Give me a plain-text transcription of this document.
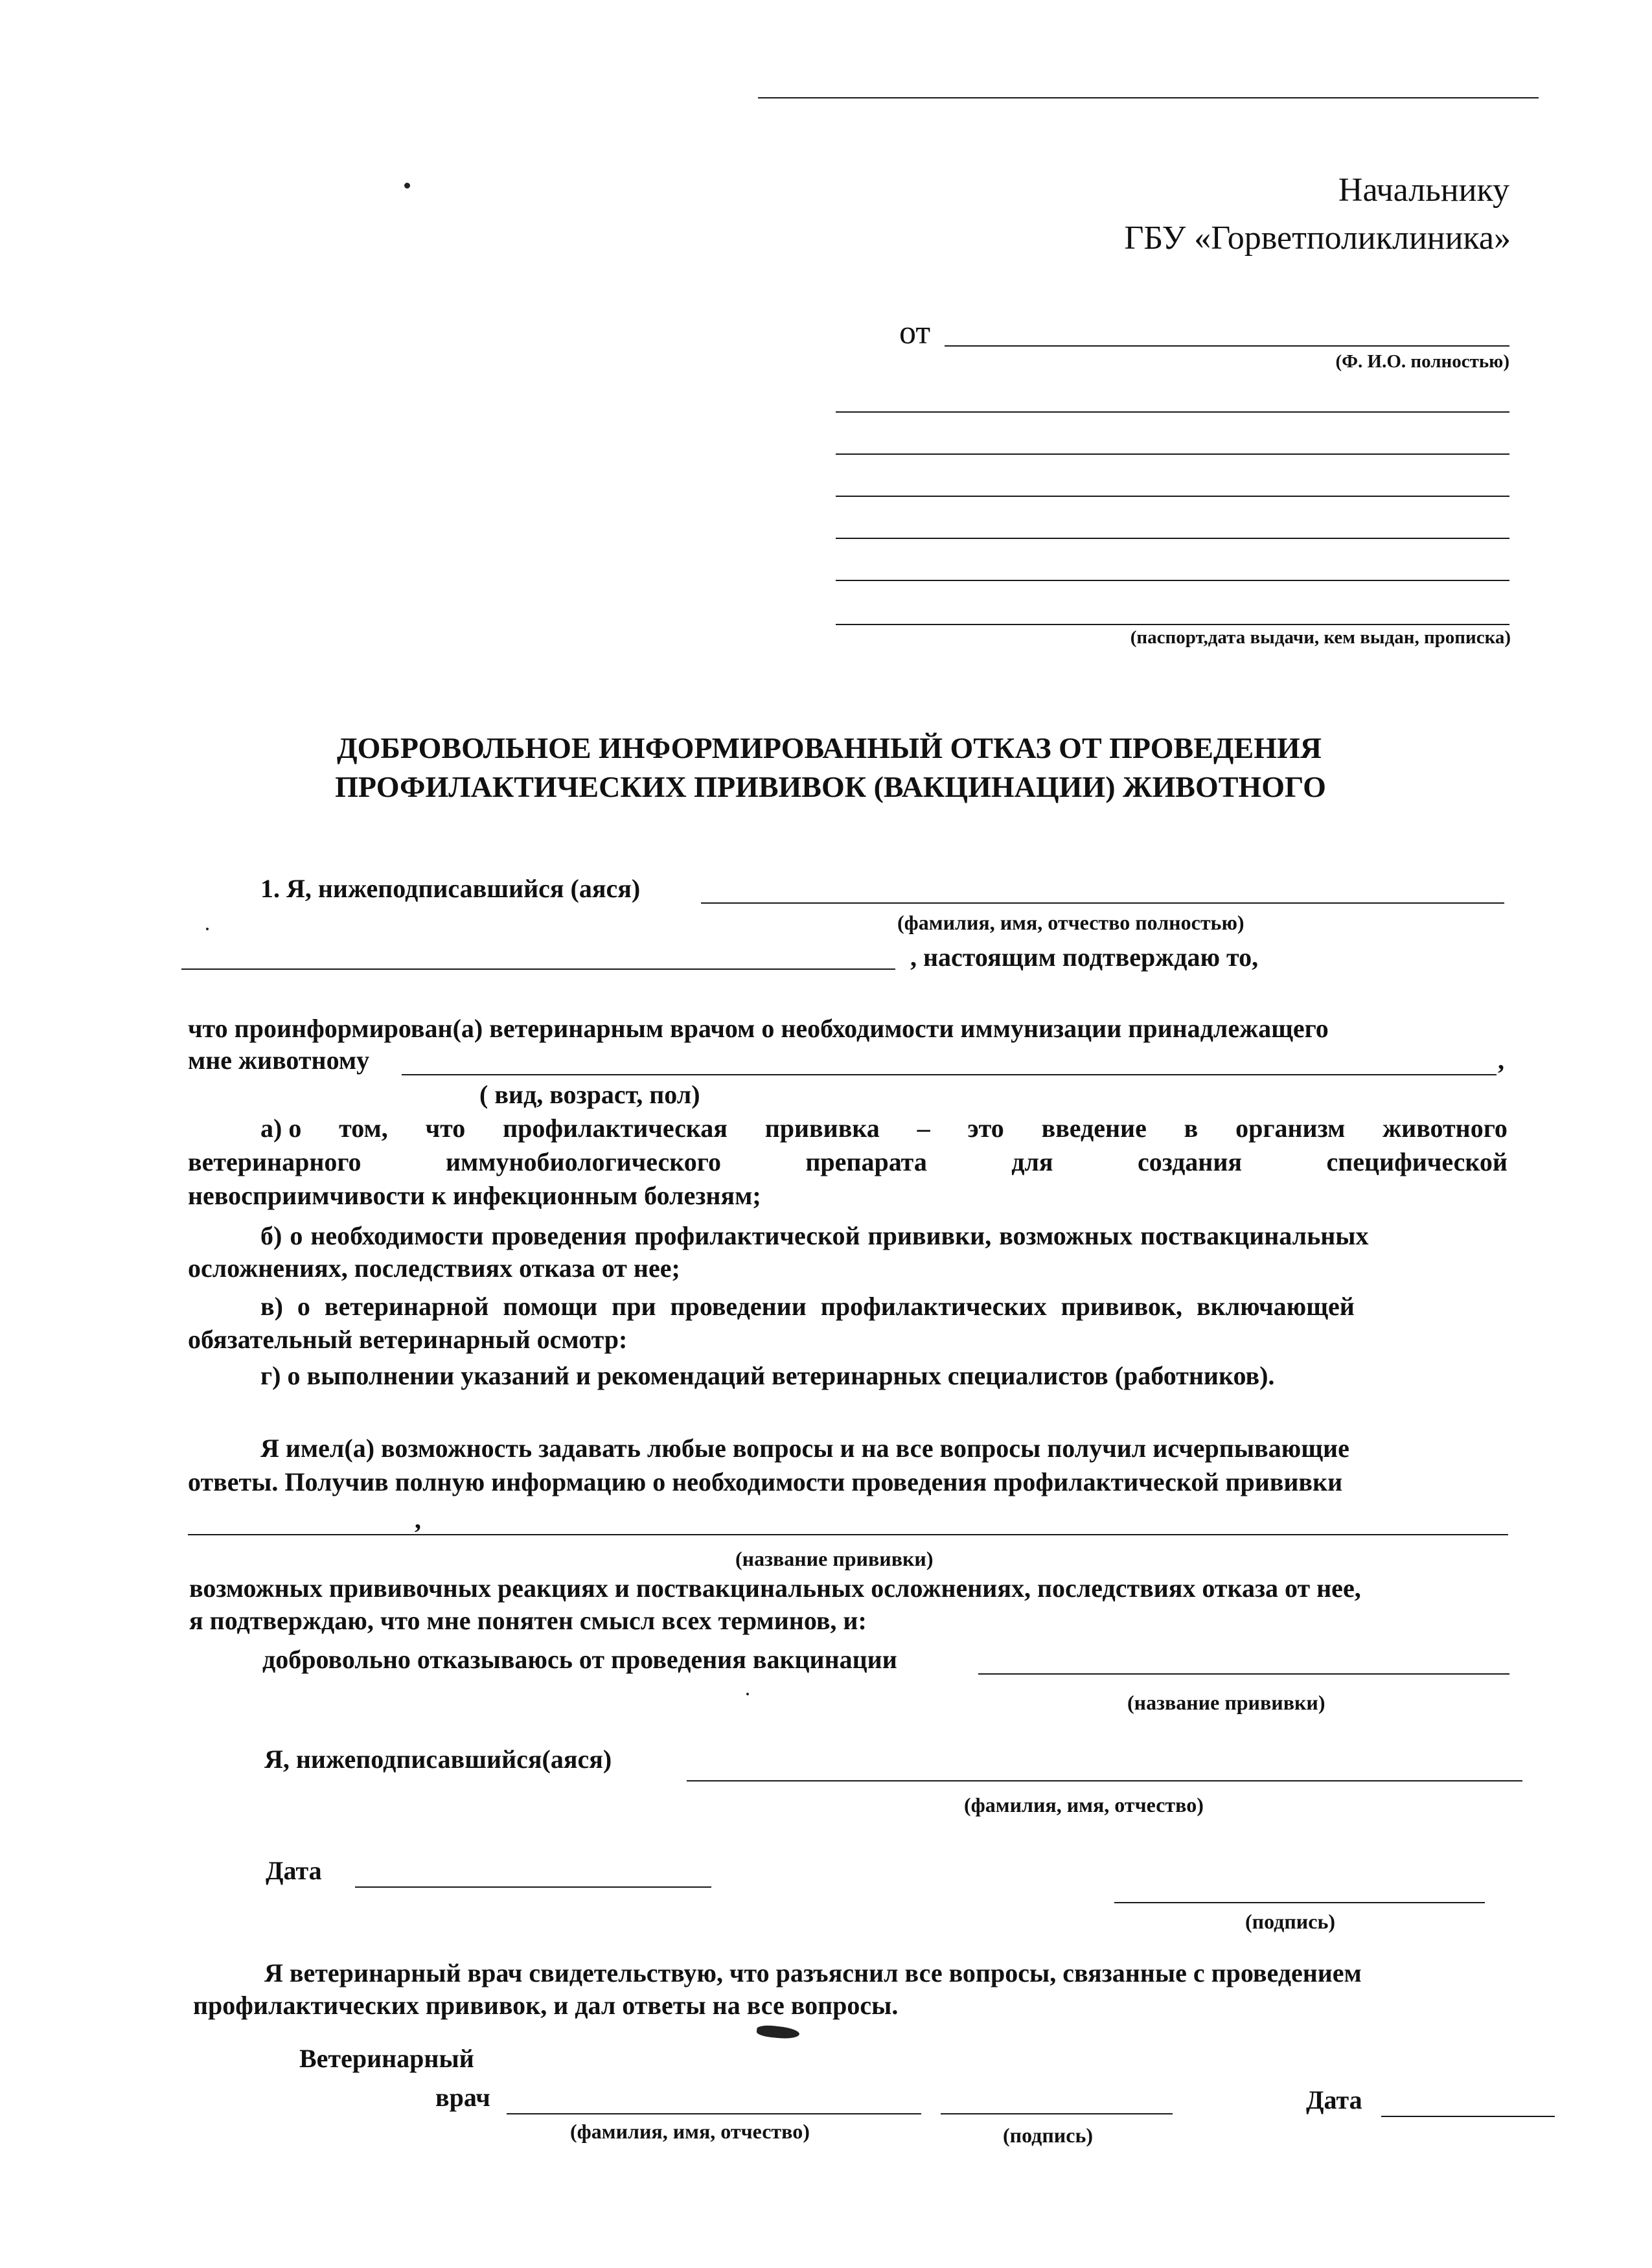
Начальнику
ГБУ «Горветполиклиника»
от
(Ф. И.О. полностью)
(паспорт,дата выдачи, кем выдан, прописка)
ДОБРОВОЛЬНОЕ ИНФОРМИРОВАННЫЙ ОТКАЗ ОТ ПРОВЕДЕНИЯ
ПРОФИЛАКТИЧЕСКИХ ПРИВИВОК (ВАКЦИНАЦИИ) ЖИВОТНОГО
1. Я, нижеподписавшийся (аяся)
(фамилия, имя, отчество полностью)
, настоящим подтверждаю то,
что проинформирован(а) ветеринарным врачом о необходимости иммунизации принадлежащего
мне животному	,
( вид, возраст, пол)
а) о том, что профилактическая прививка – это введение в организм животного
ветеринарного	иммунобиологического	препарата	для	создания	специфической
невосприимчивости к инфекционным болезням;
б) о необходимости проведения профилактической прививки, возможных поствакцинальных
осложнениях, последствиях отказа от нее;
в) о ветеринарной помощи при проведении профилактических прививок, включающей
обязательный ветеринарный осмотр:
г) о выполнении указаний и рекомендаций ветеринарных специалистов (работников).
Я имел(а) возможность задавать любые вопросы и на все вопросы получил исчерпывающие
ответы. Получив полную информацию о необходимости проведения профилактической прививки
,
(название прививки)
возможных прививочных реакциях и поствакцинальных осложнениях, последствиях отказа от нее,
я подтверждаю, что мне понятен смысл всех терминов, и:
добровольно отказываюсь от проведения вакцинации
(название прививки)
Я, нижеподписавшийся(аяся)
(фамилия, имя, отчество)
Дата
(подпись)
Я ветеринарный врач свидетельствую, что разъяснил все вопросы, связанные с проведением
профилактических прививок, и дал ответы на все вопросы.
Ветеринарный
врач
(фамилия, имя, отчество)	(подпись)
Дата
